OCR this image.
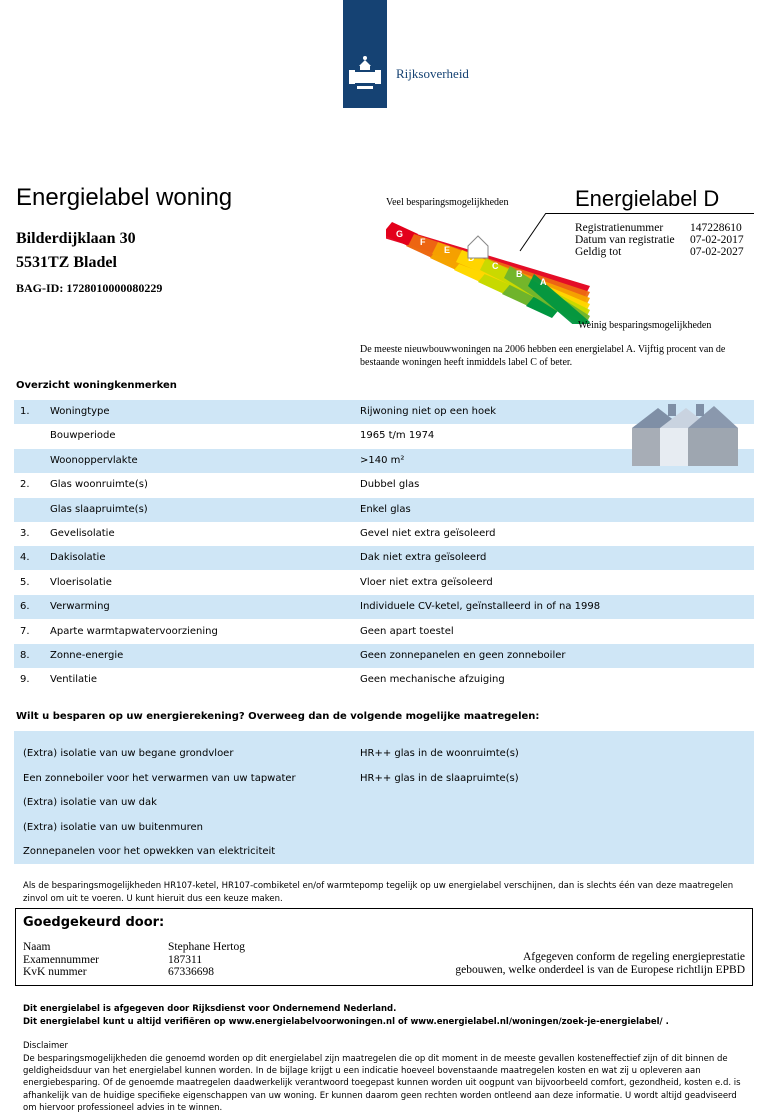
Rijksoverheid
Energielabel woning
Bilderdijklaan 30
5531TZ Bladel
BAG-ID: 1728010000080229
Veel besparingsmogelijkheden
G
F
E
C
B
A
Weinig besparingsmogelijkheden
Energielabel D
Registratienummer 147228610
Datum van registratie 07-02-2017
Geldig tot	07-02-2027
De meeste nieuwbouwwoningen na 2006 hebben een energielabel A. Vijftig procent van de bestaande woningen heeft inmiddels label C of beter.
Overzicht woningkenmerken
1. Woningtype	Rijwoning niet op een hoek
Bouwperiode	1965 t/m 1974
Woonoppervlakte	>140 m²
2. Glas woonruimte(s)	Dubbel glas
Glas slaapruimte(s)	Enkel glas
3. Gevelisolatie	Gevel niet extra geïsoleerd
4. Dakisolatie	Dak niet extra geïsoleerd
5. Vloerisolatie	Vloer niet extra geïsoleerd
6. Verwarming	Individuele CV-ketel, geïnstalleerd in of na 1998
7. Aparte warmtapwatervoorziening	Geen apart toestel
8. Zonne-energie	Geen zonnepanelen en geen zonneboiler
9. Ventilatie	Geen mechanische afzuiging
Wilt u besparen op uw energierekening? Overweeg dan de volgende mogelijke maatregelen:
(Extra) isolatie van uw begane grondvloer
Een zonneboiler voor het verwarmen van uw tapwater
(Extra) isolatie van uw dak
(Extra) isolatie van uw buitenmuren
Zonnepanelen voor het opwekken van elektriciteit
HR++ glas in de woonruimte(s)
HR++ glas in de slaapruimte(s)
Als de besparingsmogelijkheden HR107-ketel, HR107-combiketel en/of warmtepomp tegelijk op uw energielabel verschijnen, dan is slechts één van deze maatregelen zinvol om uit te voeren. U kunt hieruit dus een keuze maken.
Goedgekeurd door:
Naam	Stephane Hertog
Examennummer	187311
KvK nummer	67336698
Afgegeven conform de regeling energieprestatie
gebouwen, welke onderdeel is van de Europese richtlijn EPBD
Dit energielabel is afgegeven door Rijksdienst voor Ondernemend Nederland.
Dit energielabel kunt u altijd verifiëren op www.energielabelvoorwoningen.nl of www.energielabel.nl/woningen/zoek-je-energielabel/ .
Disclaimer
De besparingsmogelijkheden die genoemd worden op dit energielabel zijn maatregelen die op dit moment in de meeste gevallen kosteneffectief zijn of dit binnen de geldigheidsduur van het energielabel kunnen worden. In de bijlage krijgt u een indicatie hoeveel bovenstaande maatregelen kosten en wat zij u opleveren aan energiebesparing. Of de genoemde maatregelen daadwerkelijk verantwoord toegepast kunnen worden uit oogpunt van bijvoorbeeld comfort, gezondheid, kosten e.d. is afhankelijk van de huidige specifieke eigenschappen van uw woning. Er kunnen daarom geen rechten worden ontleend aan deze informatie. U wordt altijd geadviseerd om hiervoor professioneel advies in te winnen.
